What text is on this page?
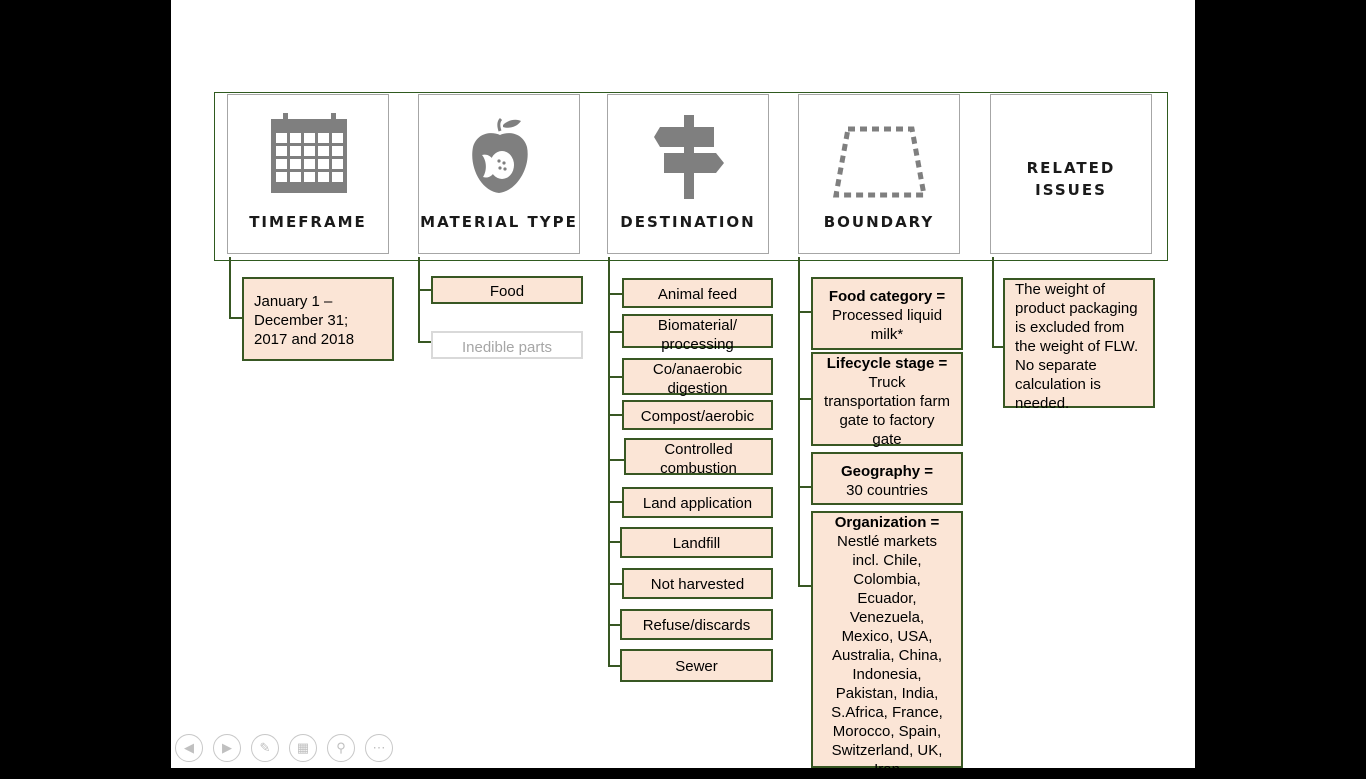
TIMEFRAME	MATERIAL TYPE	DESTINATION	BOUNDARY
RELATED
ISSUES
January 1 –
December 31;
2017 and 2018
Food
Inedible parts
Animal feed
Biomaterial/
processing
Co/anaerobic
digestion
Compost/aerobic
Controlled
combustion
Land application
Landfill
Not harvested
Refuse/discards
Sewer
Food category =
Processed liquid
milk*
Lifecycle stage =
Truck
transportation farm
gate to factory
gate
Geography =
30 countries
Organization =
Nestlé markets
incl. Chile,
Colombia,
Ecuador,
Venezuela,
Mexico, USA,
Australia, China,
Indonesia,
Pakistan, India,
S.Africa, France,
Morocco, Spain,
Switzerland, UK,
Iran
The weight of
product packaging
is excluded from
the weight of FLW.
No separate
calculation is
needed.
◀	▶	✎	▦	⚲	⋯
